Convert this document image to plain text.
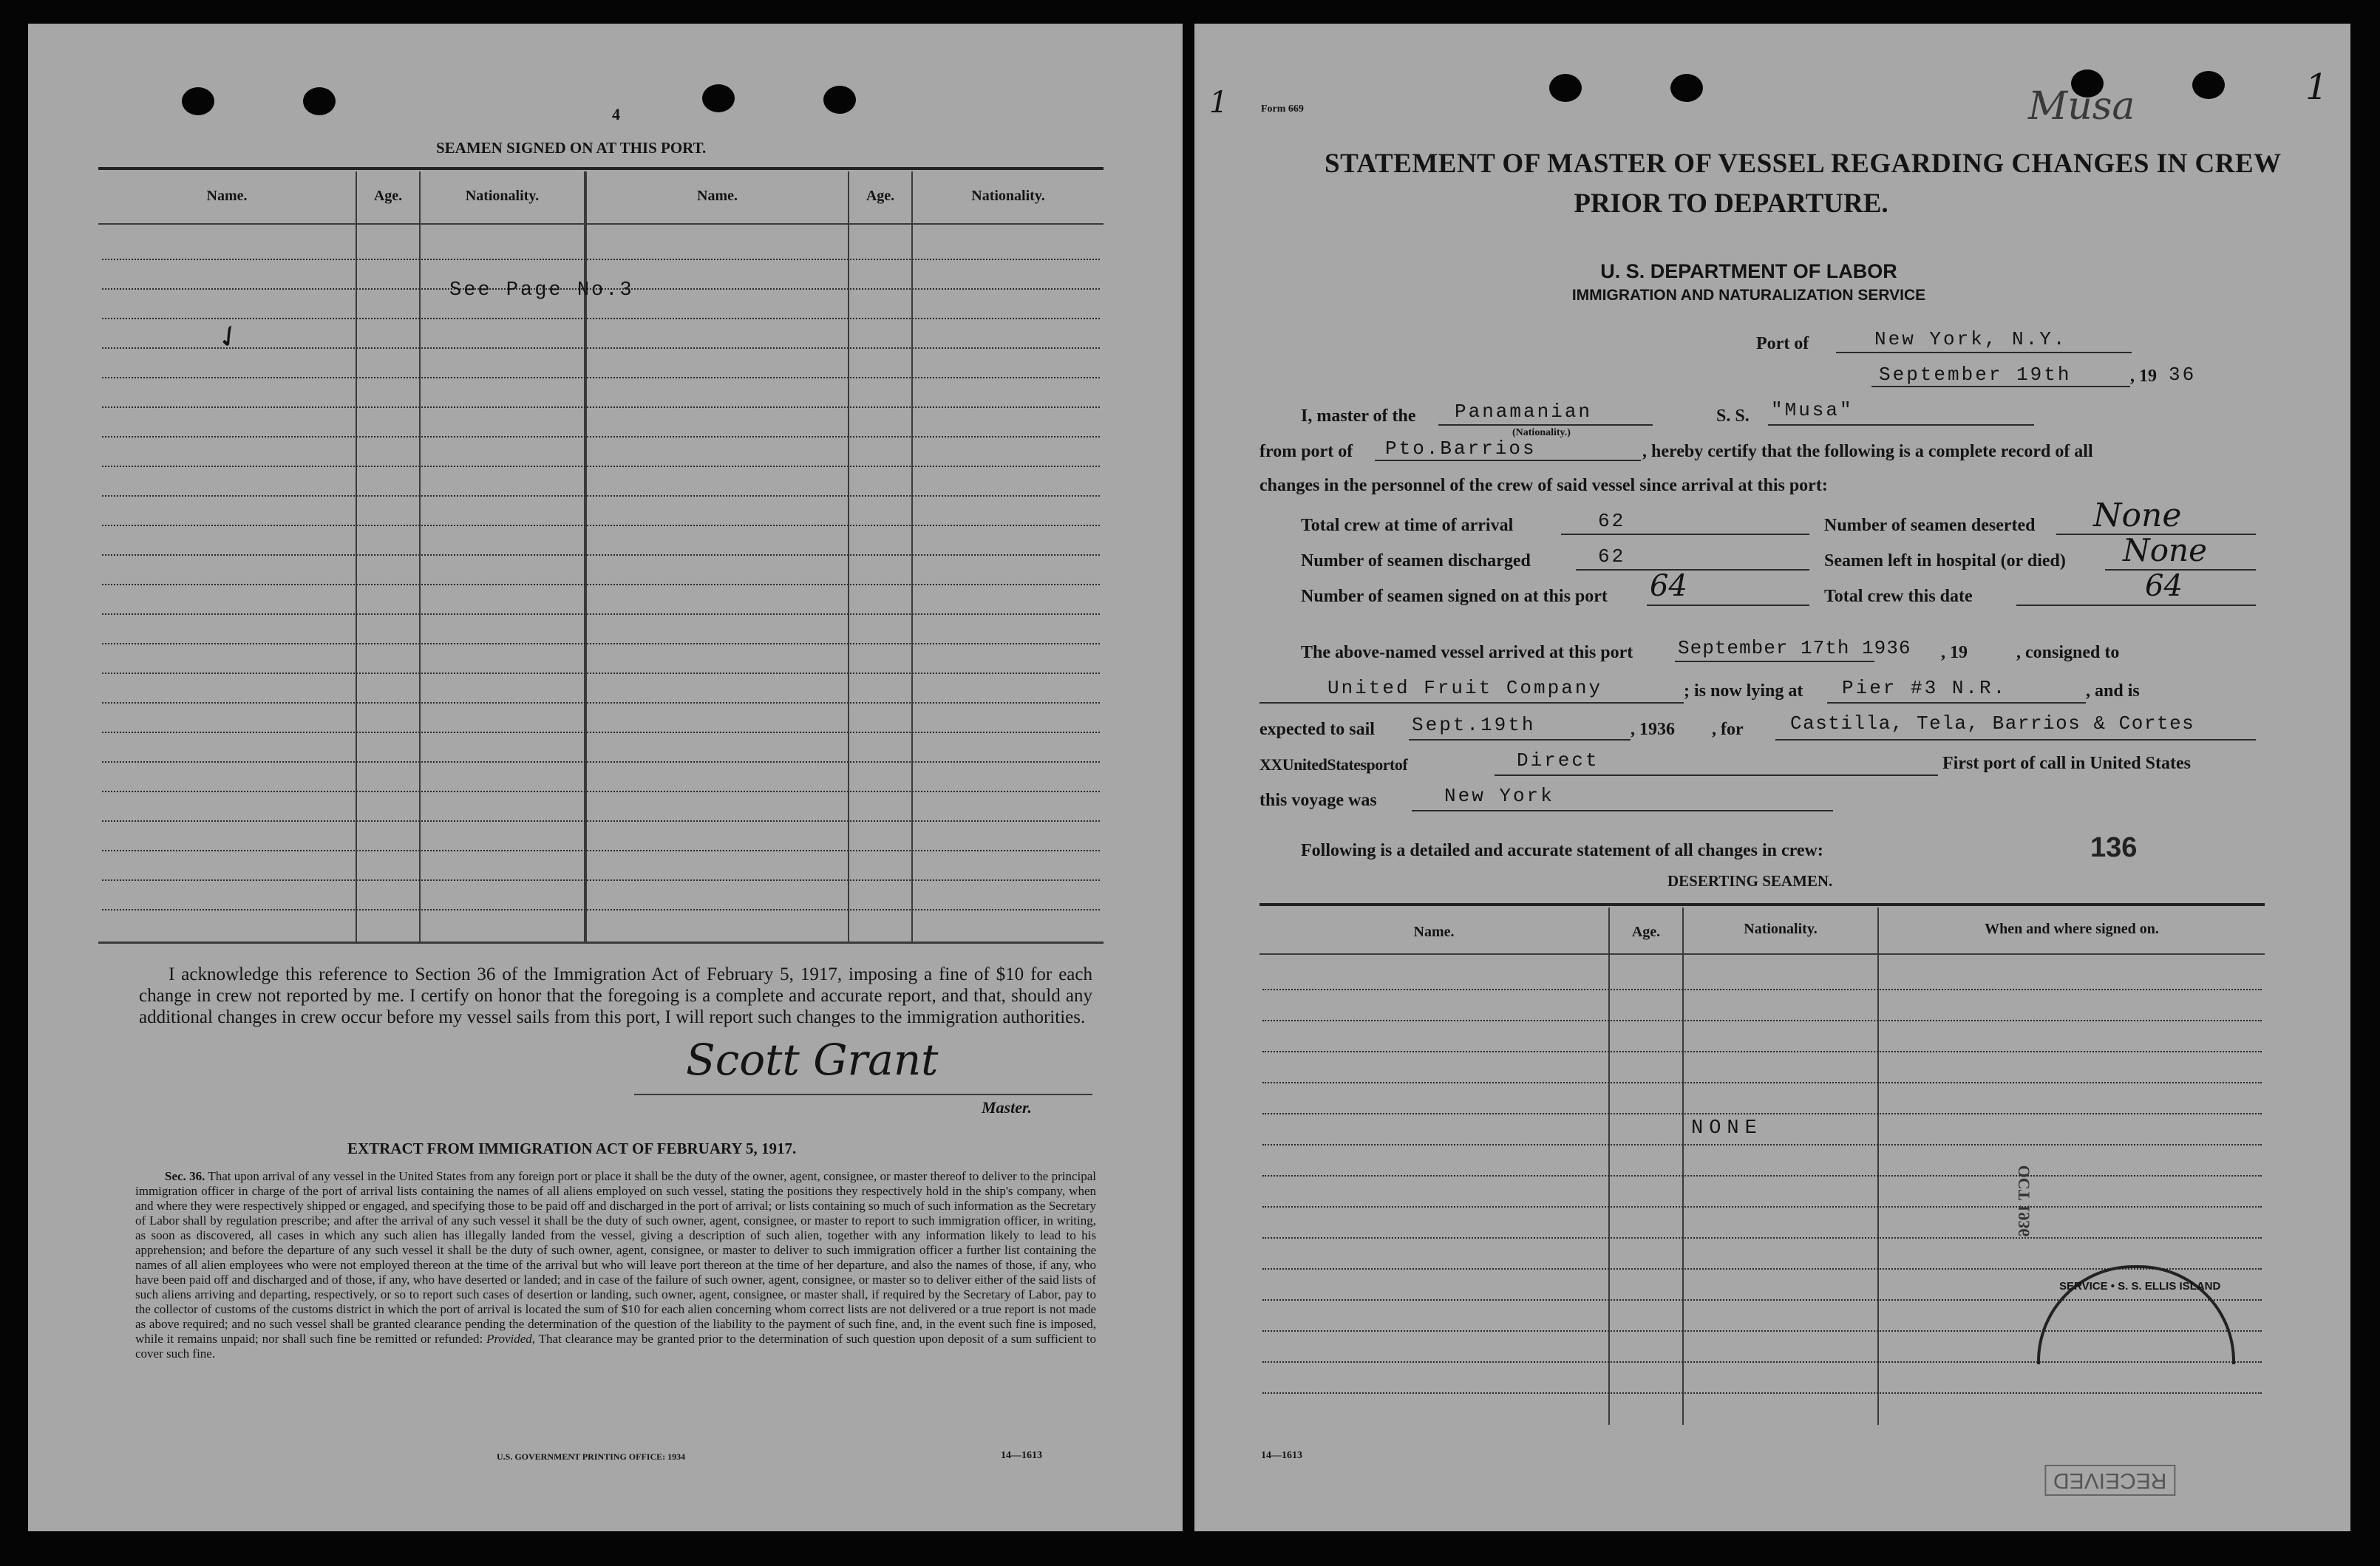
4
SEAMEN SIGNED ON AT THIS PORT.
Name.	Age.	Nationality.	Name.	Age.	Nationality.
See Page No.3
✓
I acknowledge this reference to Section 36 of the Immigration Act of February 5, 1917, imposing a fine of $10 for each change in crew not reported by me. I certify on honor that the foregoing is a complete and accurate report, and that, should any additional changes in crew occur before my vessel sails from this port, I will report such changes to the immigration authorities.
Scott Grant
Master.
EXTRACT FROM IMMIGRATION ACT OF FEBRUARY 5, 1917.
Sec. 36. That upon arrival of any vessel in the United States from any foreign port or place it shall be the duty of the owner, agent, consignee, or master thereof to deliver to the principal immigration officer in charge of the port of arrival lists containing the names of all aliens employed on such vessel, stating the positions they respectively hold in the ship's company, when and where they were respectively shipped or engaged, and specifying those to be paid off and discharged in the port of arrival; or lists containing so much of such information as the Secretary of Labor shall by regulation prescribe; and after the arrival of any such vessel it shall be the duty of such owner, agent, consignee, or master to report to such immigration officer, in writing, as soon as discovered, all cases in which any such alien has illegally landed from the vessel, giving a description of such alien, together with any information likely to lead to his apprehension; and before the departure of any such vessel it shall be the duty of such owner, agent, consignee, or master to deliver to such immigration officer a further list containing the names of all alien employees who were not employed thereon at the time of the arrival but who will leave port thereon at the time of her departure, and also the names of those, if any, who have been paid off and discharged and of those, if any, who have deserted or landed; and in case of the failure of such owner, agent, consignee, or master so to deliver either of the said lists of such aliens arriving and departing, respectively, or so to report such cases of desertion or landing, such owner, agent, consignee, or master shall, if required by the Secretary of Labor, pay to the collector of customs of the customs district in which the port of arrival is located the sum of $10 for each alien concerning whom correct lists are not delivered or a true report is not made as above required; and no such vessel shall be granted clearance pending the determination of the question of the liability to the payment of such fine, and, in the event such fine is imposed, while it remains unpaid; nor shall such fine be remitted or refunded: Provided, That clearance may be granted prior to the determination of such question upon deposit of a sum sufficient to cover such fine.
U.S. GOVERNMENT PRINTING OFFICE: 1934	14—1613
1	Form 669	Musa	1
STATEMENT OF MASTER OF VESSEL REGARDING CHANGES IN CREW
PRIOR TO DEPARTURE.
U. S. DEPARTMENT OF LABOR
IMMIGRATION AND NATURALIZATION SERVICE
Port of	New York, N.Y.
September 19th	, 19 36
I, master of the Panamanian
(Nationality.)
S. S. "Musa"
from port of Pto.Barrios	, hereby certify that the following is a complete record of all
changes in the personnel of the crew of said vessel since arrival at this port:
Total crew at time of arrival	62	Number of seamen deserted None
Number of seamen discharged	62	Seamen left in hospital (or died) None
Number of seamen signed on at this port 64	Total crew this date	64
The above-named vessel arrived at this port September 17th 1936 , 19	, consigned to
United Fruit Company	; is now lying at Pier #3 N.R.	, and is
expected to sail Sept.19th	, 1936 , for Castilla, Tela, Barrios & Cortes
XXUnitedStatesportof	Direct	First port of call in United States
this voyage was	New York
Following is a detailed and accurate statement of all changes in crew:	136
DESERTING SEAMEN.
Name.	Age.	Nationality.	When and where signed on.
NONE
OCT 1936
SERVICE • S. S. ELLIS ISLAND
14—1613
RECEIVED
